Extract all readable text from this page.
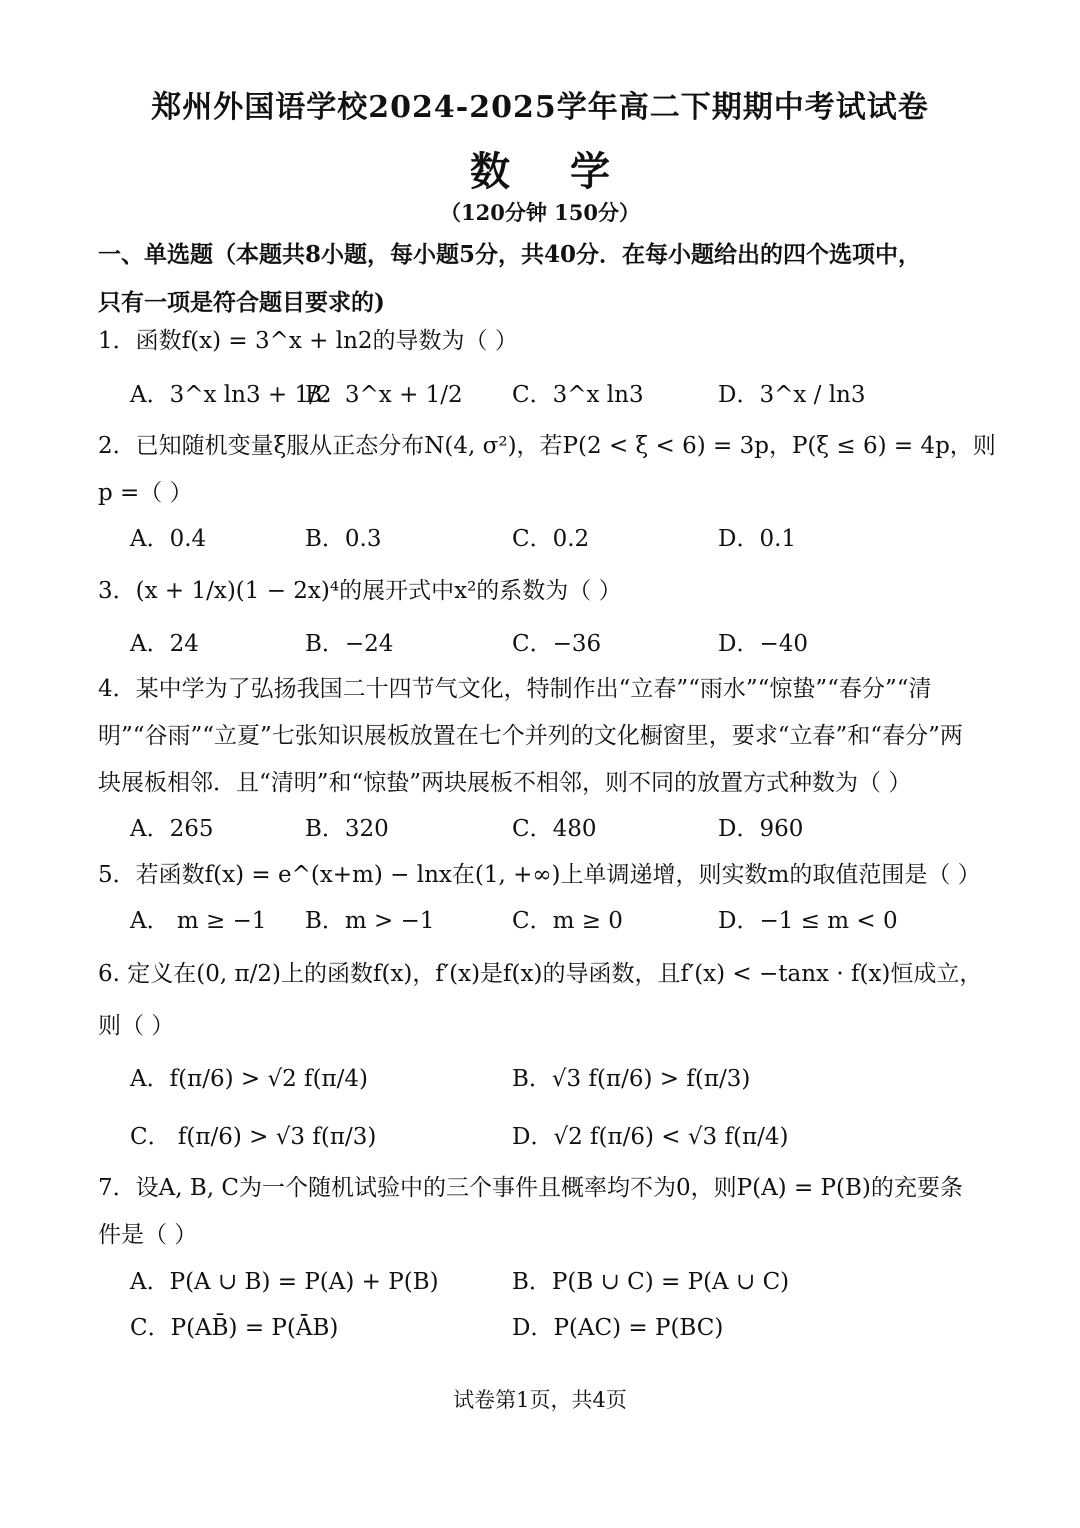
郑州外国语学校2024-2025学年高二下期期中考试试卷
数学
（120分钟 150分）
一、单选题（本题共8小题，每小题5分，共40分．在每小题给出的四个选项中，
只有一项是符合题目要求的)
1．函数f(x) = 3^x + ln2的导数为（ ）
A．3^x ln3 + 1/2
B．3^x + 1/2 C．3^x ln3	D．3^x / ln3
2．已知随机变量ξ服从正态分布N(4, σ²)，若P(2 < ξ < 6) = 3p，P(ξ ≤ 6) = 4p，则
p =（ ）
A．0.4	B．0.3	C．0.2	D．0.1
3．(x + 1/x)(1 − 2x)⁴的展开式中x²的系数为（ ）
A．24	B．−24	C．−36	D．−40
4．某中学为了弘扬我国二十四节气文化，特制作出“立春”“雨水”“惊蛰”“春分”“清
明”“谷雨”“立夏”七张知识展板放置在七个并列的文化橱窗里，要求“立春”和“春分”两
块展板相邻．且“清明”和“惊蛰”两块展板不相邻，则不同的放置方式种数为（ ）
A．265	B．320	C．480	D．960
5．若函数f(x) = e^(x+m) − lnx在(1, +∞)上单调递增，则实数m的取值范围是（ ）
A． m ≥ −1 B．m > −1	C．m ≥ 0	D．−1 ≤ m < 0
6. 定义在(0, π/2)上的函数f(x)，f′(x)是f(x)的导函数，且f′(x) < −tanx · f(x)恒成立，
则（ ）
A．f(π/6) > √2 f(π/4)	B．√3 f(π/6) > f(π/3)
C． f(π/6) > √3 f(π/3)	D．√2 f(π/6) < √3 f(π/4)
7．设A, B, C为一个随机试验中的三个事件且概率均不为0，则P(A) = P(B)的充要条
件是（ ）
A．P(A ∪ B) = P(A) + P(B)	B．P(B ∪ C) = P(A ∪ C)
C．P(AB̄) = P(ĀB)	D．P(AC) = P(BC)
试卷第1页，共4页
